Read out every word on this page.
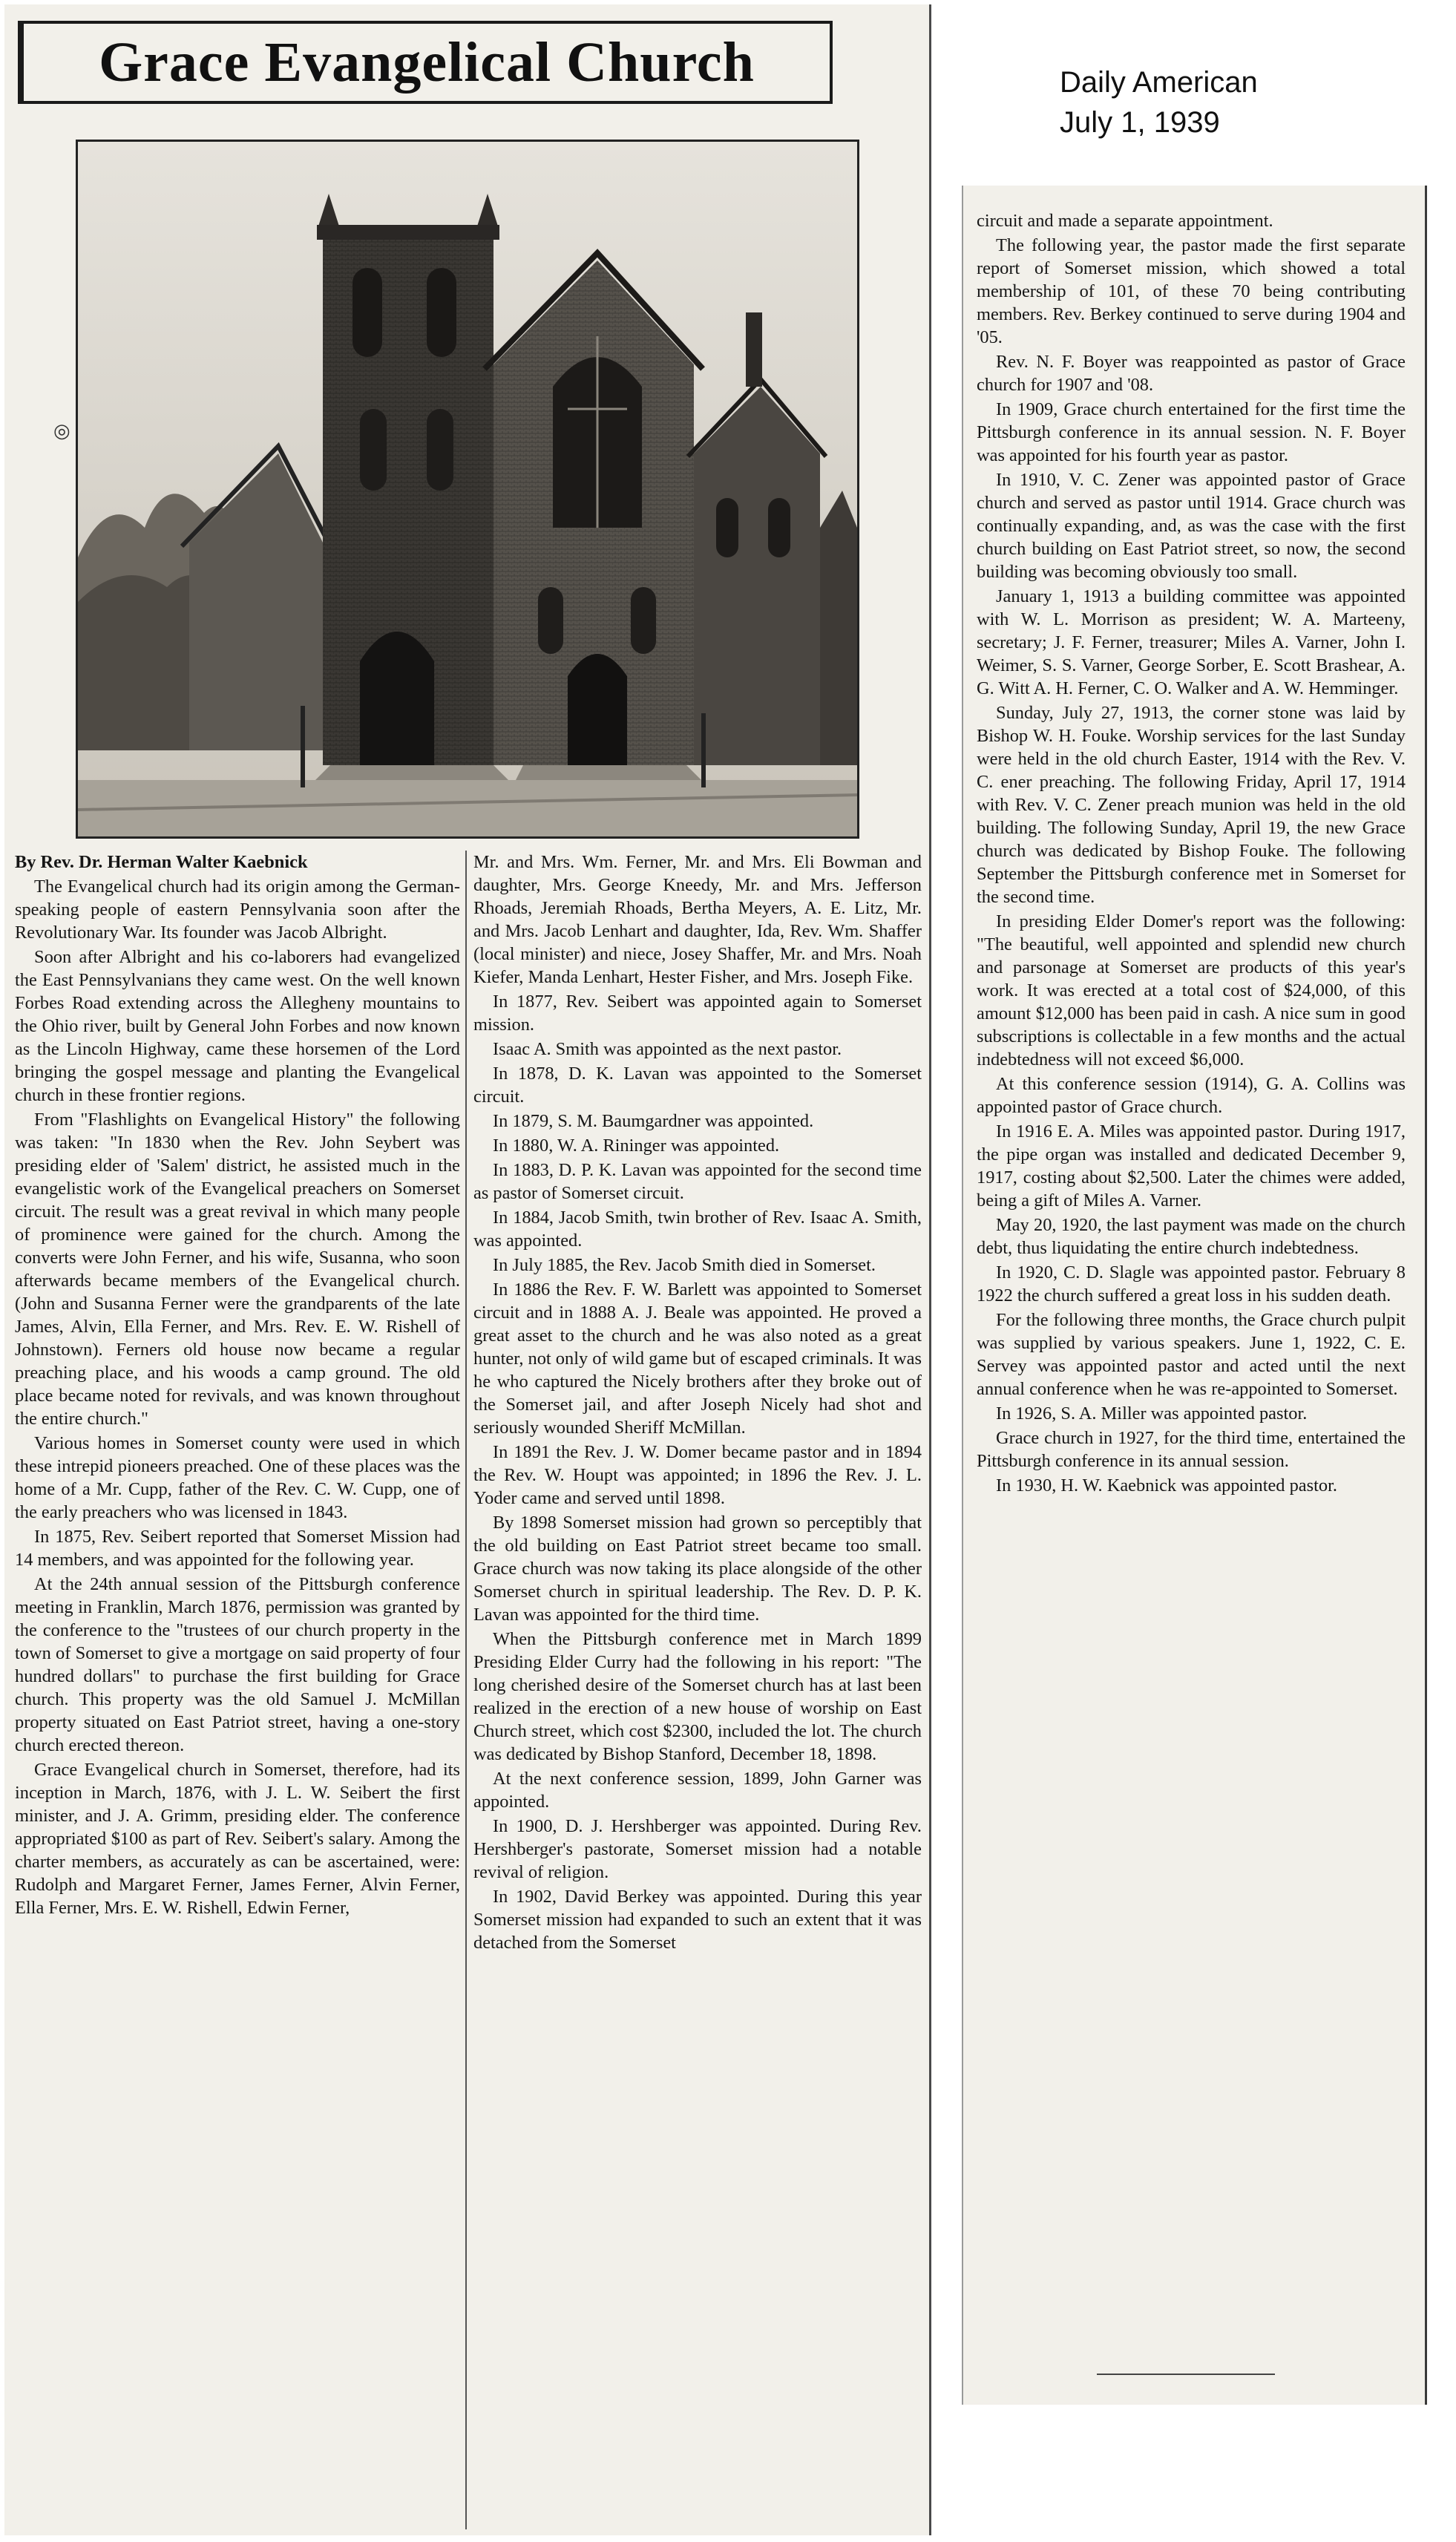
Daily American
July 1, 1939
Grace Evangelical Church
◎

By Rev. Dr. Herman Walter Kaebnick

The Evangelical church had its origin among the German-speaking people of eastern Pennsylvania soon after the Revolutionary War. Its founder was Jacob Albright.

Soon after Albright and his co-laborers had evangelized the East Pennsylvanians they came west. On the well known Forbes Road extending across the Allegheny mountains to the Ohio river, built by General John Forbes and now known as the Lincoln Highway, came these horsemen of the Lord bringing the gospel message and planting the Evangelical church in these frontier regions.

From "Flashlights on Evangelical History" the following was taken: "In 1830 when the Rev. John Seybert was presiding elder of 'Salem' district, he assisted much in the evangelistic work of the Evangelical preachers on Somerset circuit. The result was a great revival in which many people of prominence were gained for the church. Among the converts were John Ferner, and his wife, Susanna, who soon afterwards became members of the Evangelical church. (John and Susanna Ferner were the grandparents of the late James, Alvin, Ella Ferner, and Mrs. Rev. E. W. Rishell of Johnstown). Ferners old house now became a regular preaching place, and his woods a camp ground. The old place became noted for revivals, and was known throughout the entire church."

Various homes in Somerset county were used in which these intrepid pioneers preached. One of these places was the home of a Mr. Cupp, father of the Rev. C. W. Cupp, one of the early preachers who was licensed in 1843.

In 1875, Rev. Seibert reported that Somerset Mission had 14 members, and was appointed for the following year.

At the 24th annual session of the Pittsburgh conference meeting in Franklin, March 1876, permission was granted by the conference to the "trustees of our church property in the town of Somerset to give a mortgage on said property of four hundred dollars" to purchase the first building for Grace church. This property was the old Samuel J. McMillan property situated on East Patriot street, having a one-story church erected thereon.

Grace Evangelical church in Somerset, therefore, had its inception in March, 1876, with J. L. W. Seibert the first minister, and J. A. Grimm, presiding elder. The conference appropriated $100 as part of Rev. Seibert's salary. Among the charter members, as accurately as can be ascertained, were: Rudolph and Margaret Ferner, James Ferner, Alvin Ferner, Ella Ferner, Mrs. E. W. Rishell, Edwin Ferner,

Mr. and Mrs. Wm. Ferner, Mr. and Mrs. Eli Bowman and daughter, Mrs. George Kneedy, Mr. and Mrs. Jefferson Rhoads, Jeremiah Rhoads, Bertha Meyers, A. E. Litz, Mr. and Mrs. Jacob Lenhart and daughter, Ida, Rev. Wm. Shaffer (local minister) and niece, Josey Shaffer, Mr. and Mrs. Noah Kiefer, Manda Lenhart, Hester Fisher, and Mrs. Joseph Fike.

In 1877, Rev. Seibert was appointed again to Somerset mission.

Isaac A. Smith was appointed as the next pastor.

In 1878, D. K. Lavan was appointed to the Somerset circuit.

In 1879, S. M. Baumgardner was appointed.

In 1880, W. A. Rininger was appointed.

In 1883, D. P. K. Lavan was appointed for the second time as pastor of Somerset circuit.

In 1884, Jacob Smith, twin brother of Rev. Isaac A. Smith, was appointed.

In July 1885, the Rev. Jacob Smith died in Somerset.

In 1886 the Rev. F. W. Barlett was appointed to Somerset circuit and in 1888 A. J. Beale was appointed. He proved a great asset to the church and he was also noted as a great hunter, not only of wild game but of escaped criminals. It was he who captured the Nicely brothers after they broke out of the Somerset jail, and after Joseph Nicely had shot and seriously wounded Sheriff McMillan.

In 1891 the Rev. J. W. Domer became pastor and in 1894 the Rev. W. Houpt was appointed; in 1896 the Rev. J. L. Yoder came and served until 1898.

By 1898 Somerset mission had grown so perceptibly that the old building on East Patriot street became too small. Grace church was now taking its place alongside of the other Somerset church in spiritual leadership. The Rev. D. P. K. Lavan was appointed for the third time.

When the Pittsburgh conference met in March 1899 Presiding Elder Curry had the following in his report: "The long cherished desire of the Somerset church has at last been realized in the erection of a new house of worship on East Church street, which cost $2300, included the lot. The church was dedicated by Bishop Stanford, December 18, 1898.

At the next conference session, 1899, John Garner was appointed.

In 1900, D. J. Hershberger was appointed. During Rev. Hershberger's pastorate, Somerset mission had a notable revival of religion.

In 1902, David Berkey was appointed. During this year Somerset mission had expanded to such an extent that it was detached from the Somerset

circuit and made a separate appointment.

The following year, the pastor made the first separate report of Somerset mission, which showed a total membership of 101, of these 70 being contributing members. Rev. Berkey continued to serve during 1904 and '05.

Rev. N. F. Boyer was reappointed as pastor of Grace church for 1907 and '08.

In 1909, Grace church entertained for the first time the Pittsburgh conference in its annual session. N. F. Boyer was appointed for his fourth year as pastor.

In 1910, V. C. Zener was appointed pastor of Grace church and served as pastor until 1914. Grace church was continually expanding, and, as was the case with the first church building on East Patriot street, so now, the second building was becoming obviously too small.

January 1, 1913 a building committee was appointed with W. L. Morrison as president; W. A. Marteeny, secretary; J. F. Ferner, treasurer; Miles A. Varner, John I. Weimer, S. S. Varner, George Sorber, E. Scott Brashear, A. G. Witt A. H. Ferner, C. O. Walker and A. W. Hemminger.

Sunday, July 27, 1913, the corner stone was laid by Bishop W. H. Fouke. Worship services for the last Sunday were held in the old church Easter, 1914 with the Rev. V. C. ener preaching. The following Friday, April 17, 1914 with Rev. V. C. Zener preach munion was held in the old building. The following Sunday, April 19, the new Grace church was dedicated by Bishop Fouke. The following September the Pittsburgh conference met in Somerset for the second time.

In presiding Elder Domer's report was the following: "The beautiful, well appointed and splendid new church and parsonage at Somerset are products of this year's work. It was erected at a total cost of $24,000, of this amount $12,000 has been paid in cash. A nice sum in good subscriptions is collectable in a few months and the actual indebtedness will not exceed $6,000.

At this conference session (1914), G. A. Collins was appointed pastor of Grace church.

In 1916 E. A. Miles was appointed pastor. During 1917, the pipe organ was installed and dedicated December 9, 1917, costing about $2,500. Later the chimes were added, being a gift of Miles A. Varner.

May 20, 1920, the last payment was made on the church debt, thus liquidating the entire church indebtedness.

In 1920, C. D. Slagle was appointed pastor. February 8 1922 the church suffered a great loss in his sudden death.

For the following three months, the Grace church pulpit was supplied by various speakers. June 1, 1922, C. E. Servey was appointed pastor and acted until the next annual conference when he was re-appointed to Somerset.

In 1926, S. A. Miller was appointed pastor.

Grace church in 1927, for the third time, entertained the Pittsburgh conference in its annual session.

In 1930, H. W. Kaebnick was appointed pastor.
